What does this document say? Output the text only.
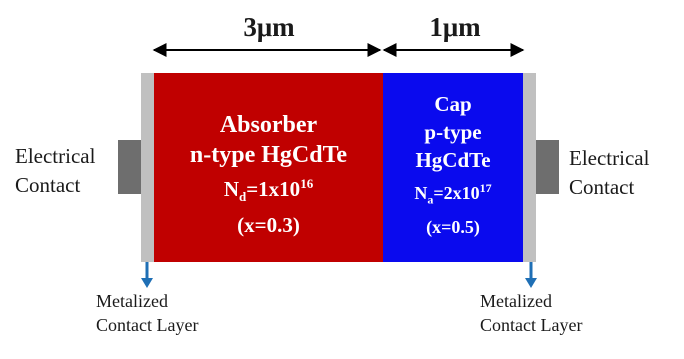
3μm	1μm
Absorber
n-type HgCdTe
$N_d=1x10^{16}$
(x=0.3)
Cap
p-type
HgCdTe
$N_a=2x10^{17}$
(x=0.5)
Electrical
Contact
Electrical
Contact
Metalized
Contact Layer
Metalized
Contact Layer
